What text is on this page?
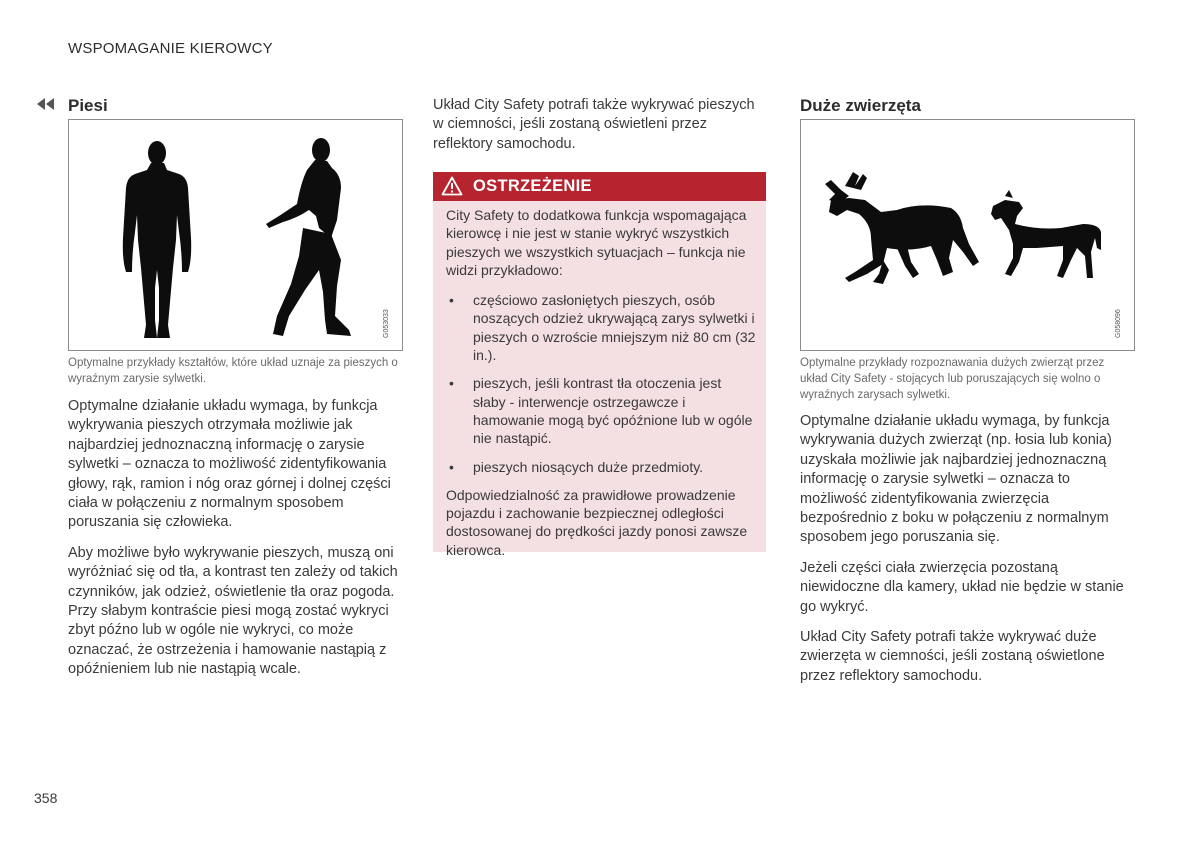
WSPOMAGANIE KIEROWCY
Piesi
G053033
Optymalne przykłady kształtów, które układ uznaje za pieszych o wyraźnym zarysie sylwetki.

Optymalne działanie układu wymaga, by funkcja wykrywania pieszych otrzymała możliwie jak najbardziej jednoznaczną informację o zarysie sylwetki – oznacza to możliwość zidentyfikowania głowy, rąk, ramion i nóg oraz górnej i dolnej części ciała w połączeniu z normalnym sposobem poruszania się człowieka.

Aby możliwe było wykrywanie pieszych, muszą oni wyróżniać się od tła, a kontrast ten zależy od takich czynników, jak odzież, oświetlenie tła oraz pogoda. Przy słabym kontraście piesi mogą zostać wykryci zbyt późno lub w ogóle nie wykryci, co może oznaczać, że ostrzeżenia i hamowanie nastąpią z opóźnieniem lub nie nastąpią wcale.

Układ City Safety potrafi także wykrywać pieszych w ciemności, jeśli zostaną oświetleni przez reflektory samochodu.

OSTRZEŻENIE

City Safety to dodatkowa funkcja wspomagająca kierowcę i nie jest w stanie wykryć wszystkich pieszych we wszystkich sytuacjach – funkcja nie widzi przykładowo:

• częściowo zasłoniętych pieszych, osób noszących odzież ukrywającą zarys sylwetki i pieszych o wzroście mniejszym niż 80 cm (32 in.).
• pieszych, jeśli kontrast tła otoczenia jest słaby - interwencje ostrzegawcze i hamowanie mogą być opóźnione lub w ogóle nie nastąpić.
• pieszych niosących duże przedmioty.

Odpowiedzialność za prawidłowe prowadzenie pojazdu i zachowanie bezpiecznej odległości dostosowanej do prędkości jazdy ponosi zawsze kierowca.

Duże zwierzęta
G058096
Optymalne przykłady rozpoznawania dużych zwierząt przez układ City Safety - stojących lub poruszających się wolno o wyraźnych zarysach sylwetki.

Optymalne działanie układu wymaga, by funkcja wykrywania dużych zwierząt (np. łosia lub konia) uzyskała możliwie jak najbardziej jednoznaczną informację o zarysie sylwetki – oznacza to możliwość zidentyfikowania zwierzęcia bezpośrednio z boku w połączeniu z normalnym sposobem jego poruszania się.

Jeżeli części ciała zwierzęcia pozostaną niewidoczne dla kamery, układ nie będzie w stanie go wykryć.

Układ City Safety potrafi także wykrywać duże zwierzęta w ciemności, jeśli zostaną oświetlone przez reflektory samochodu.

358
